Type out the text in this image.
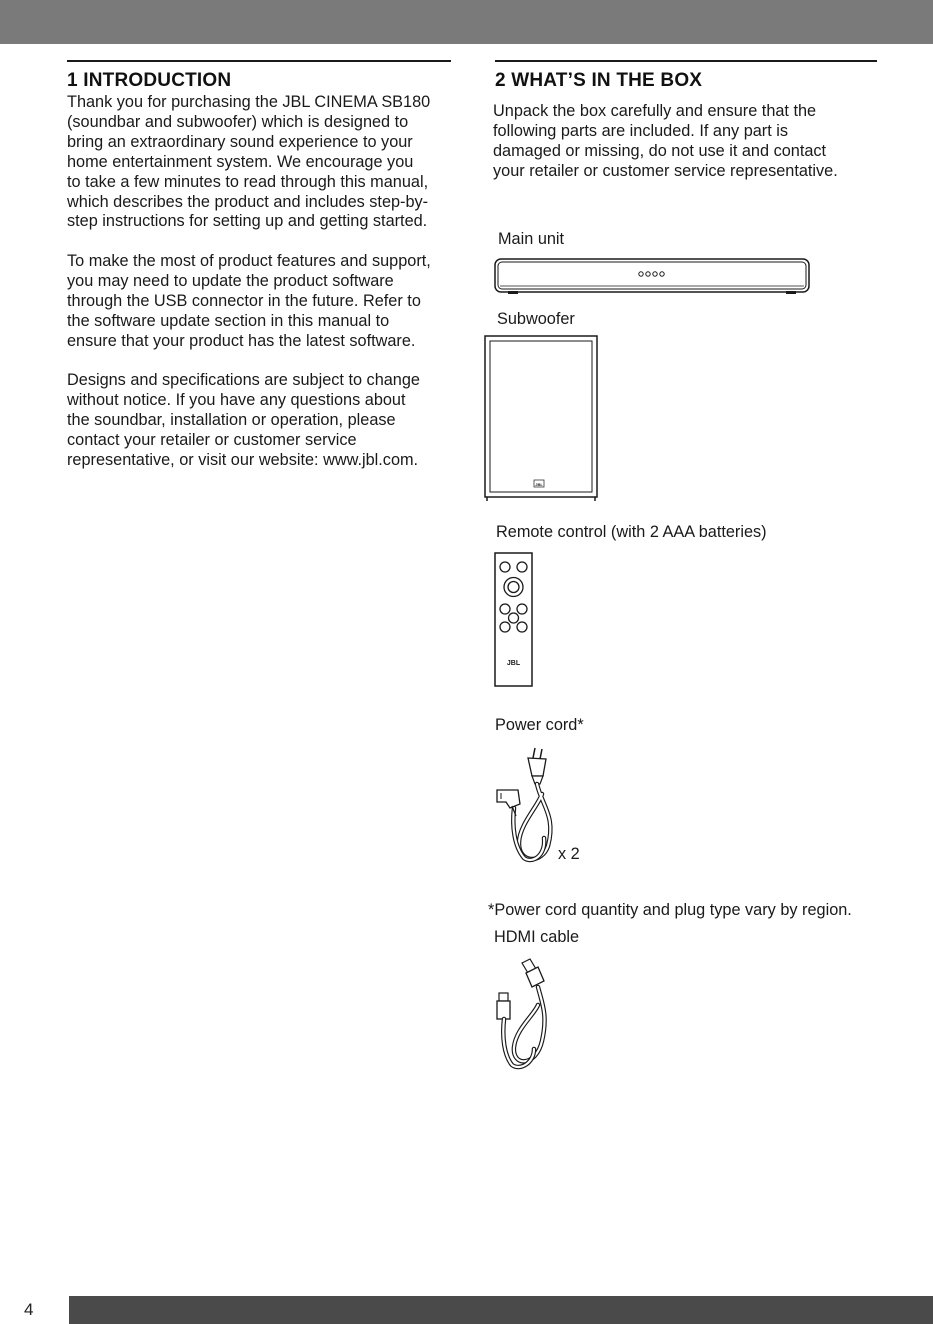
1 INTRODUCTION

Thank you for purchasing the JBL CINEMA SB180
(soundbar and subwoofer) which is designed to
bring an extraordinary sound experience to your
home entertainment system. We encourage you
to take a few minutes to read through this manual,
which describes the product and includes step-by-
step instructions for setting up and getting started.

To make the most of product features and support,
you may need to update the product software
through the USB connector in the future. Refer to
the software update section in this manual to
ensure that your product has the latest software.

Designs and specifications are subject to change
without notice. If you have any questions about
the soundbar, installation or operation, please
contact your retailer or customer service
representative, or visit our website: www.jbl.com.

2 WHAT’S IN THE BOX

Unpack the box carefully and ensure that the
following parts are included. If any part is
damaged or missing, do not use it and contact
your retailer or customer service representative.

Main unit
Subwoofer
JBL
Remote control (with 2 AAA batteries)
JBL
Power cord*
x 2
*Power cord quantity and plug type vary by region.
HDMI cable
4
